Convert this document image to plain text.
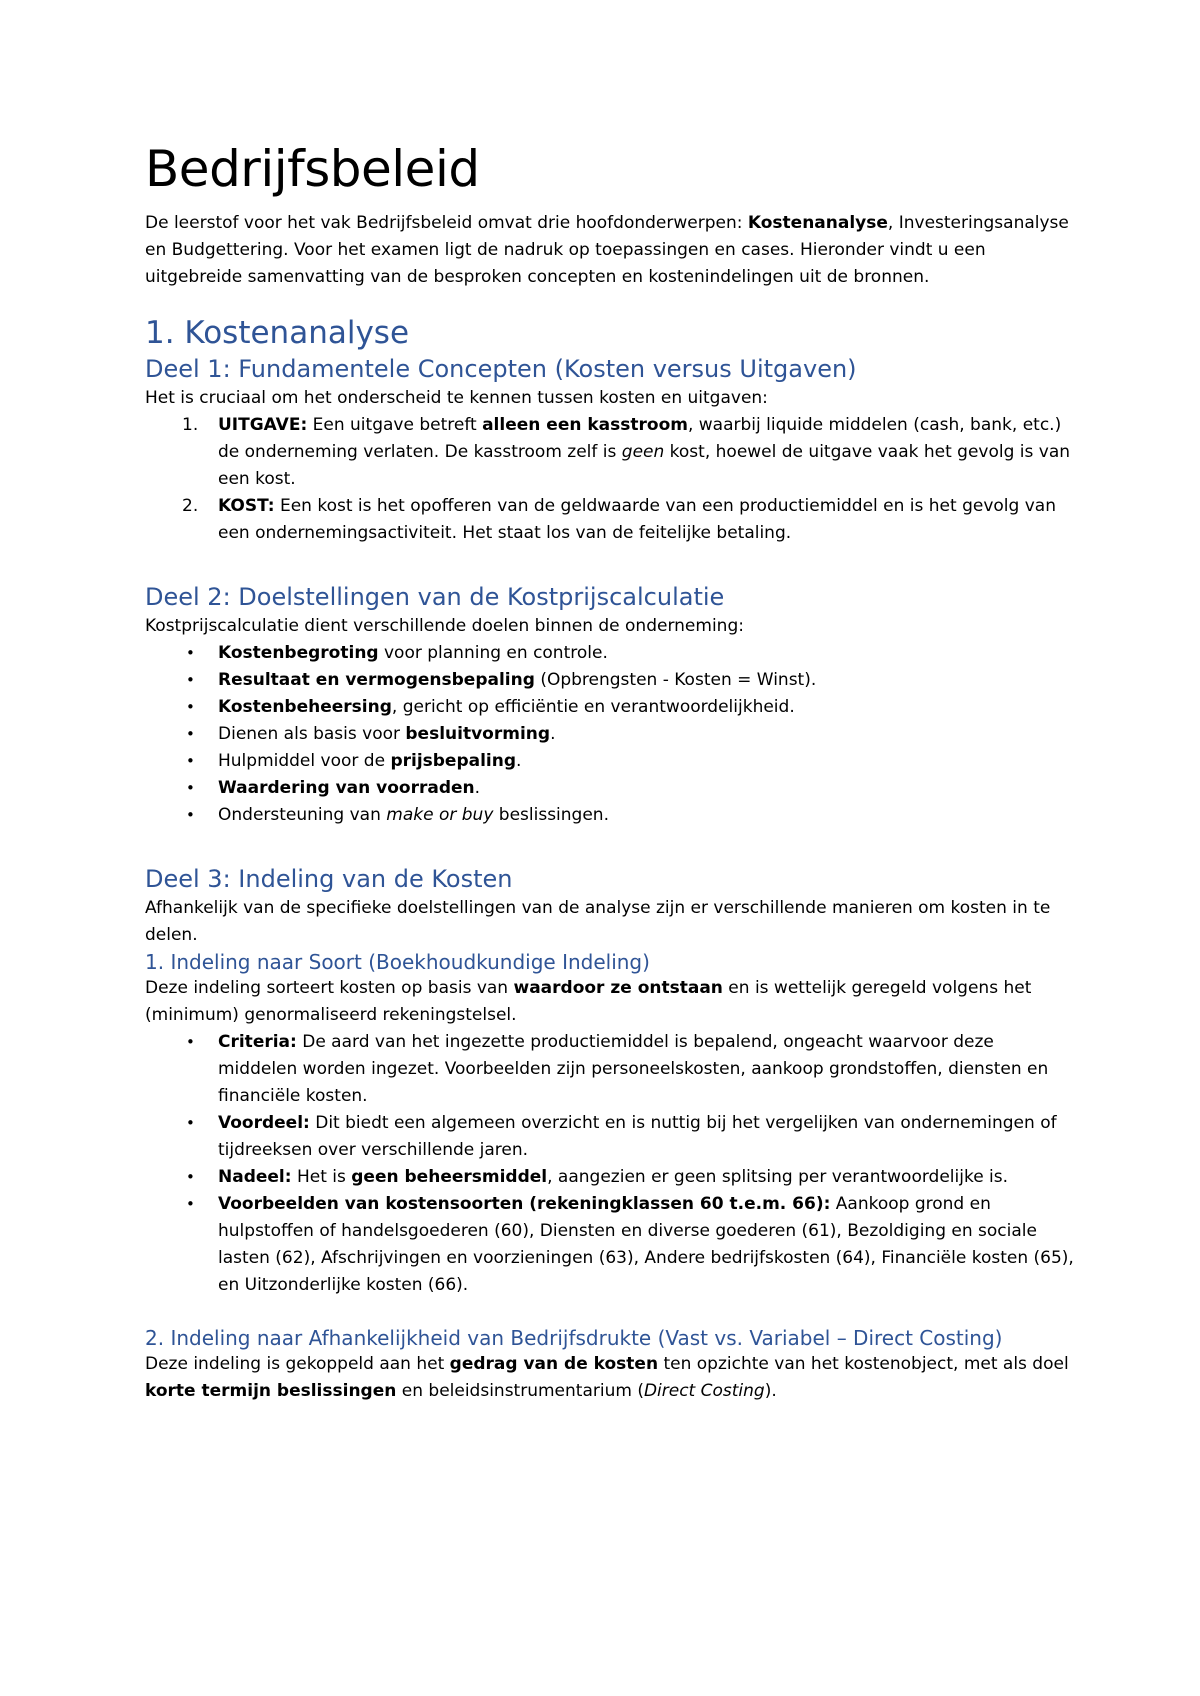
Bedrijfsbeleid

De leerstof voor het vak Bedrijfsbeleid omvat drie hoofdonderwerpen: Kostenanalyse, Investeringsanalyse en Budgettering. Voor het examen ligt de nadruk op toepassingen en cases. Hieronder vindt u een uitgebreide samenvatting van de besproken concepten en kostenindelingen uit de bronnen.

1. Kostenanalyse
Deel 1: Fundamentele Concepten (Kosten versus Uitgaven)

Het is cruciaal om het onderscheid te kennen tussen kosten en uitgaven:

1. UITGAVE: Een uitgave betreft alleen een kasstroom, waarbij liquide middelen (cash, bank, etc.) de onderneming verlaten. De kasstroom zelf is geen kost, hoewel de uitgave vaak het gevolg is van een kost.
2. KOST: Een kost is het opofferen van de geldwaarde van een productiemiddel en is het gevolg van een ondernemingsactiviteit. Het staat los van de feitelijke betaling.
Deel 2: Doelstellingen van de Kostprijscalculatie

Kostprijscalculatie dient verschillende doelen binnen de onderneming:

• Kostenbegroting voor planning en controle.
• Resultaat en vermogensbepaling (Opbrengsten - Kosten = Winst).
• Kostenbeheersing, gericht op efficiëntie en verantwoordelijkheid.
• Dienen als basis voor besluitvorming.
• Hulpmiddel voor de prijsbepaling.
• Waardering van voorraden.
• Ondersteuning van make or buy beslissingen.
Deel 3: Indeling van de Kosten

Afhankelijk van de specifieke doelstellingen van de analyse zijn er verschillende manieren om kosten in te delen.

1. Indeling naar Soort (Boekhoudkundige Indeling)

Deze indeling sorteert kosten op basis van waardoor ze ontstaan en is wettelijk geregeld volgens het (minimum) genormaliseerd rekeningstelsel.

• Criteria: De aard van het ingezette productiemiddel is bepalend, ongeacht waarvoor deze middelen worden ingezet. Voorbeelden zijn personeelskosten, aankoop grondstoffen, diensten en financiële kosten.
• Voordeel: Dit biedt een algemeen overzicht en is nuttig bij het vergelijken van ondernemingen of tijdreeksen over verschillende jaren.
• Nadeel: Het is geen beheersmiddel, aangezien er geen splitsing per verantwoordelijke is.
• Voorbeelden van kostensoorten (rekeningklassen 60 t.e.m. 66): Aankoop grond en hulpstoffen of handelsgoederen (60), Diensten en diverse goederen (61), Bezoldiging en sociale lasten (62), Afschrijvingen en voorzieningen (63), Andere bedrijfskosten (64), Financiële kosten (65), en Uitzonderlijke kosten (66).
2. Indeling naar Afhankelijkheid van Bedrijfsdrukte (Vast vs. Variabel – Direct Costing)

Deze indeling is gekoppeld aan het gedrag van de kosten ten opzichte van het kostenobject, met als doel korte termijn beslissingen en beleidsinstrumentarium (Direct Costing).
